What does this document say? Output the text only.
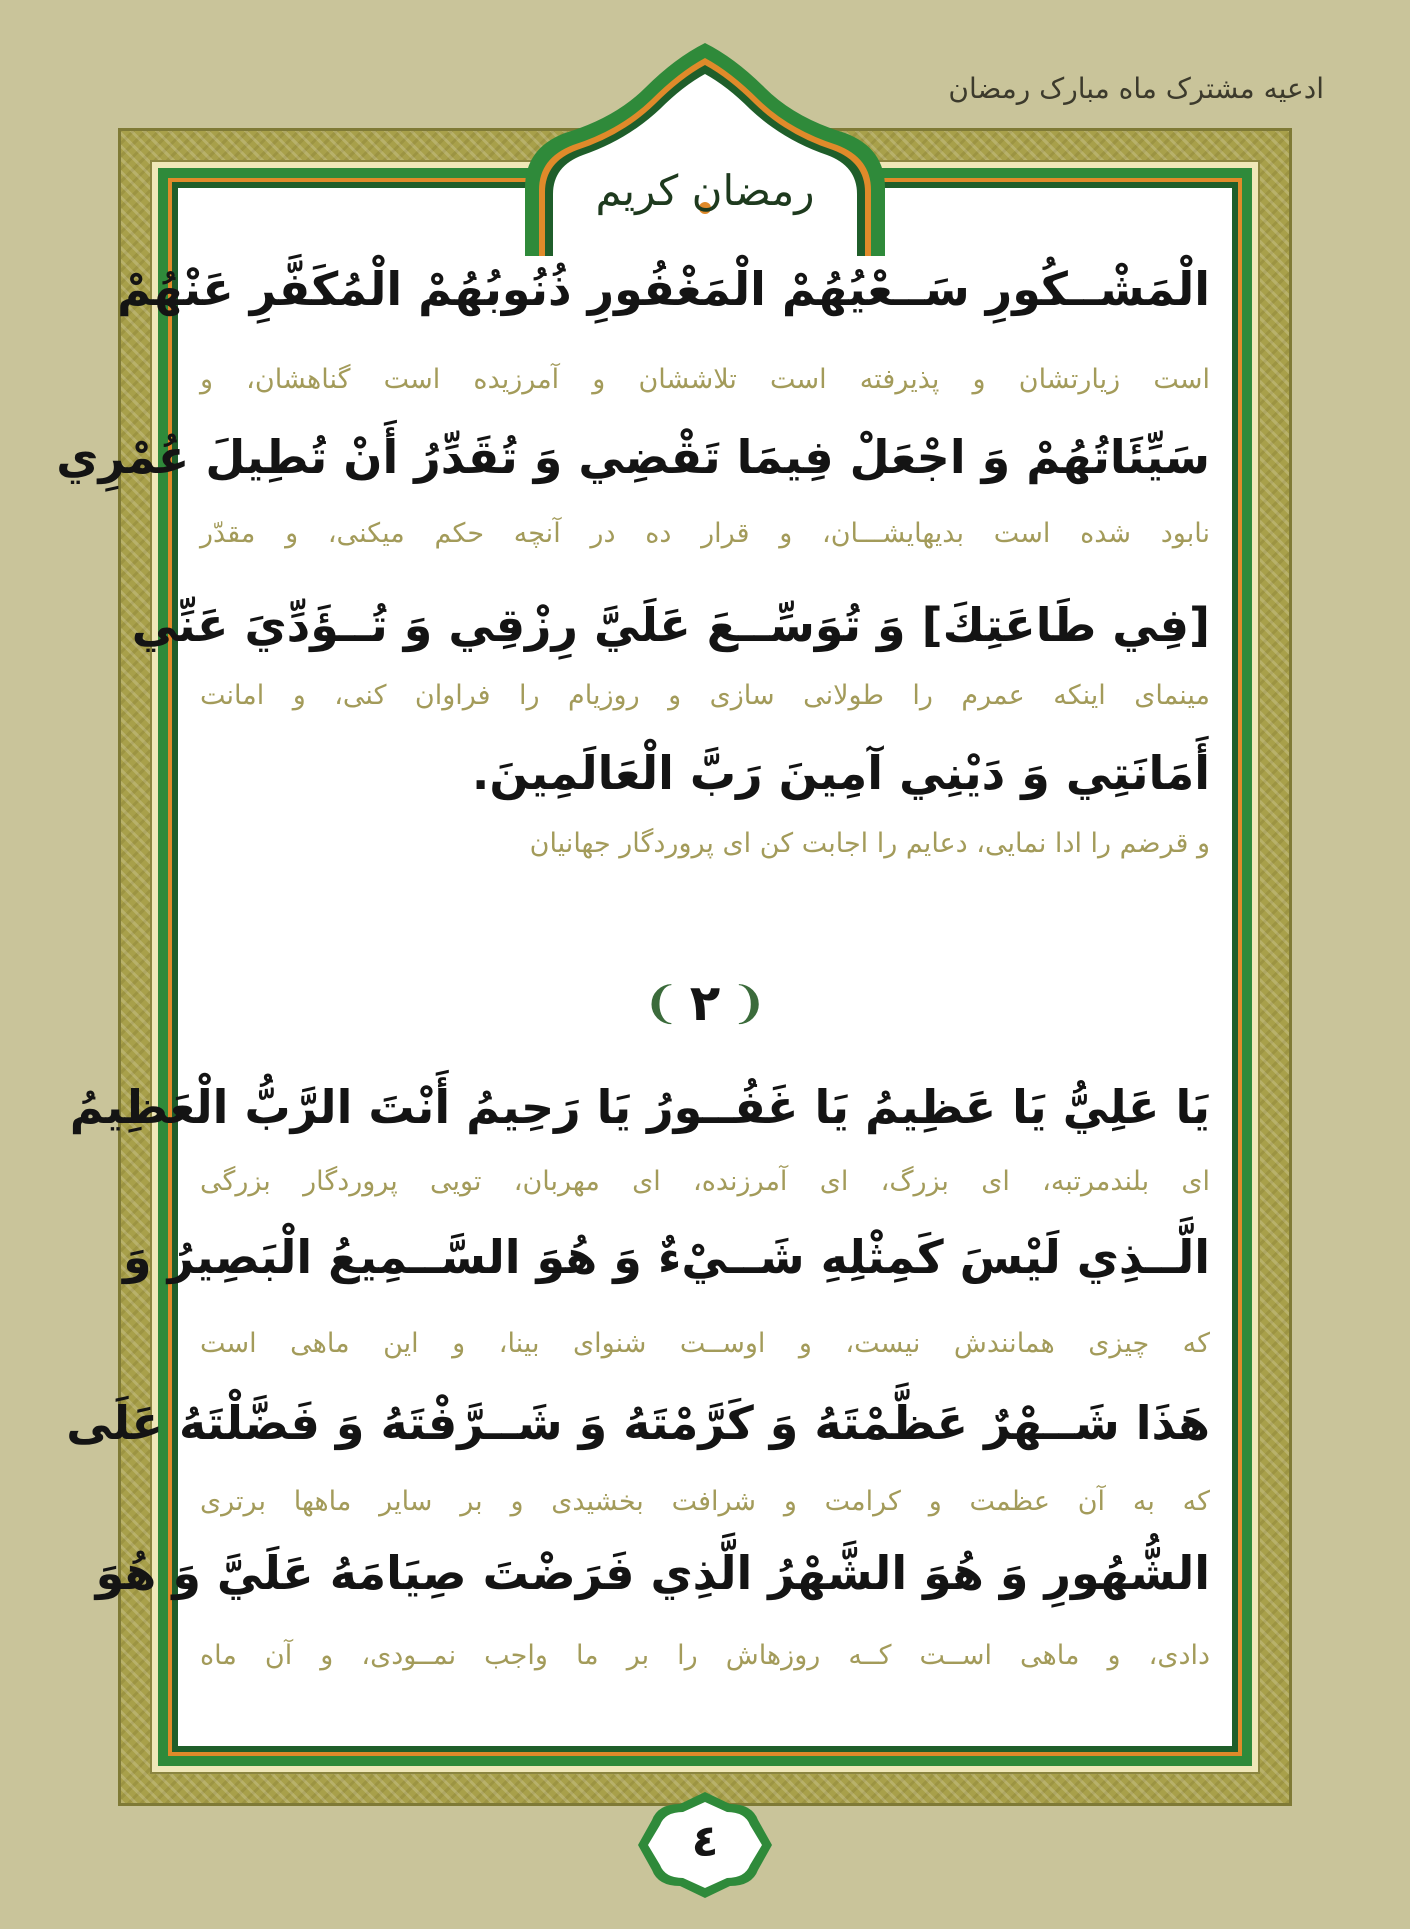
ادعیه مشترک ماه مبارک رمضان
رمضان كريم
الْمَشْــكُورِ سَــعْيُهُمْ الْمَغْفُورِ ذُنُوبُهُمْ الْمُكَفَّرِ عَنْهُمْ
است زیارتشان و پذیرفته است تلاششان و آمرزیده است گناهشان، و
سَيِّئَاتُهُمْ وَ اجْعَلْ فِيمَا تَقْضِي وَ تُقَدِّرُ أَنْ تُطِيلَ عُمْرِي
نابود شده است بدیهایشـــان، و قرار ده در آنچه حکم میکنی، و مقدّر
[فِي طَاعَتِكَ] وَ تُوَسِّــعَ عَلَيَّ رِزْقِي وَ تُــؤَدِّيَ عَنِّي
مینمای اینکه عمرم را طولانی سازی و روزیام را فراوان کنی، و امانت
أَمَانَتِي وَ دَيْنِي آمِينَ رَبَّ الْعَالَمِينَ.
و قرضم را ادا نمایی، دعایم را اجابت کن ای پروردگار جهانیان
❨ ۲ ❩
يَا عَلِيُّ يَا عَظِيمُ يَا غَفُــورُ يَا رَحِيمُ أَنْتَ الرَّبُّ الْعَظِيمُ
ای بلندمرتبه، ای بزرگ، ای آمرزنده، ای مهربان، تویی پروردگار بزرگی
الَّــذِي لَيْسَ كَمِثْلِهِ شَــيْءٌ وَ هُوَ السَّــمِيعُ الْبَصِيرُ وَ
که چیزی همانندش نیست، و اوســت شنوای بینا، و این ماهی است
هَذَا شَــهْرٌ عَظَّمْتَهُ وَ كَرَّمْتَهُ وَ شَــرَّفْتَهُ وَ فَضَّلْتَهُ عَلَى
که به آن عظمت و کرامت و شرافت بخشیدی و بر سایر ماهها برتری
الشُّهُورِ وَ هُوَ الشَّهْرُ الَّذِي فَرَضْتَ صِيَامَهُ عَلَيَّ وَ هُوَ
دادی، و ماهی اســت کــه روزهاش را بر ما واجب نمــودی، و آن ماه
٤
